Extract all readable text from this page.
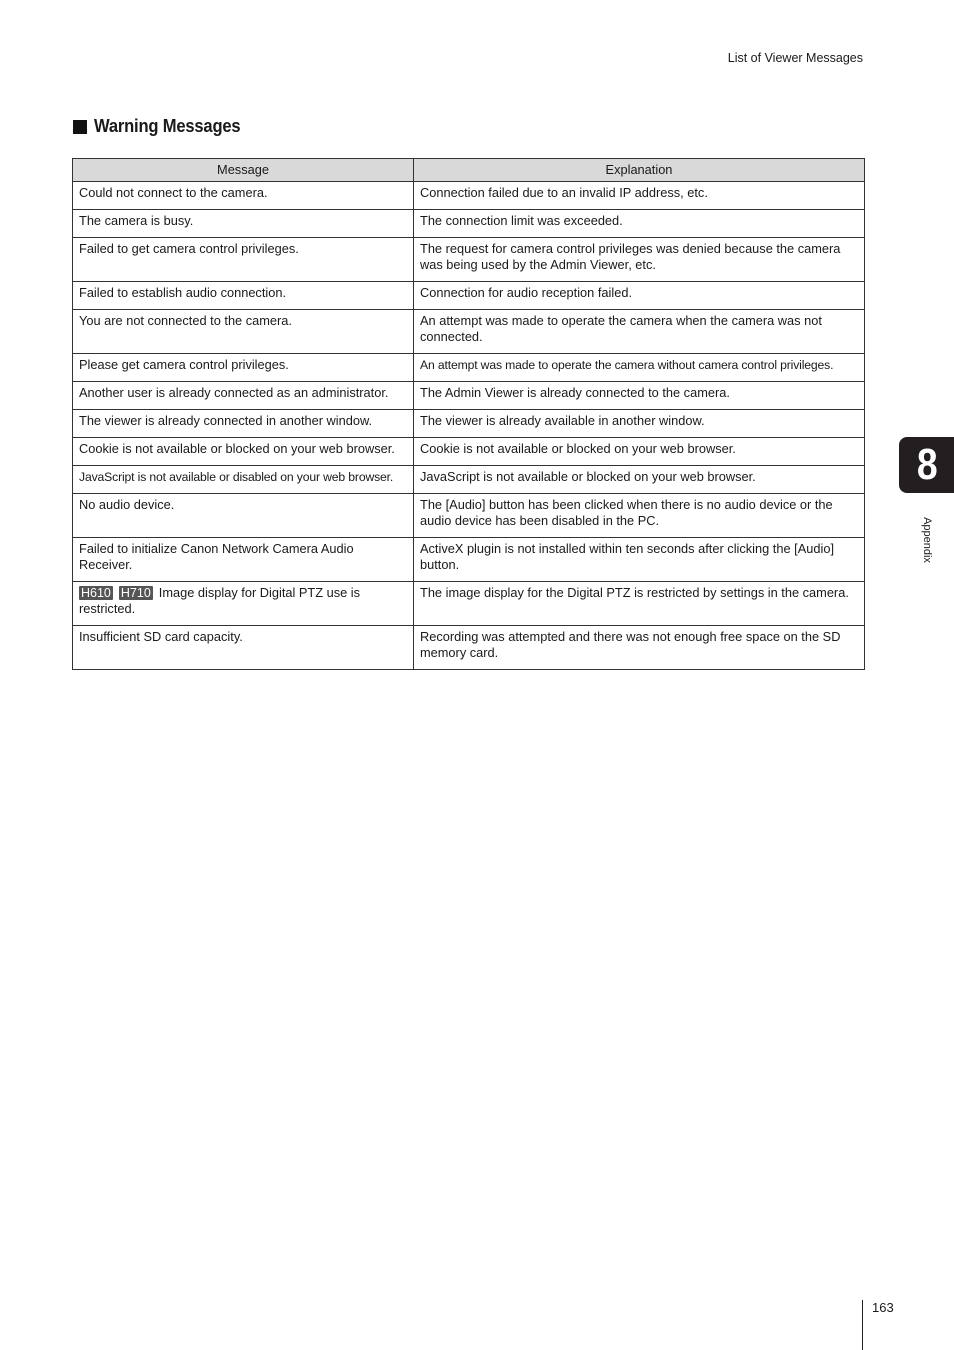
List of Viewer Messages
Warning Messages
Message	Explanation
Could not connect to the camera.	Connection failed due to an invalid IP address, etc.
The camera is busy.	The connection limit was exceeded.
Failed to get camera control privileges.	The request for camera control privileges was denied because the camera was being used by the Admin Viewer, etc.
Failed to establish audio connection.	Connection for audio reception failed.
You are not connected to the camera.	An attempt was made to operate the camera when the camera was not connected.
Please get camera control privileges.	An attempt was made to operate the camera without camera control privileges.
Another user is already connected as an administrator.	The Admin Viewer is already connected to the camera.
The viewer is already connected in another window.	The viewer is already available in another window.
Cookie is not available or blocked on your web browser.	Cookie is not available or blocked on your web browser.
JavaScript is not available or disabled on your web browser.	JavaScript is not available or blocked on your web browser.
No audio device.	The [Audio] button has been clicked when there is no audio device or the audio device has been disabled in the PC.
Failed to initialize Canon Network Camera Audio Receiver.	ActiveX plugin is not installed within ten seconds after clicking the [Audio] button.
H610 H710 Image display for Digital PTZ use is restricted.	The image display for the Digital PTZ is restricted by settings in the camera.
Insufficient SD card capacity.	Recording was attempted and there was not enough free space on the SD memory card.
8
Appendix
163
